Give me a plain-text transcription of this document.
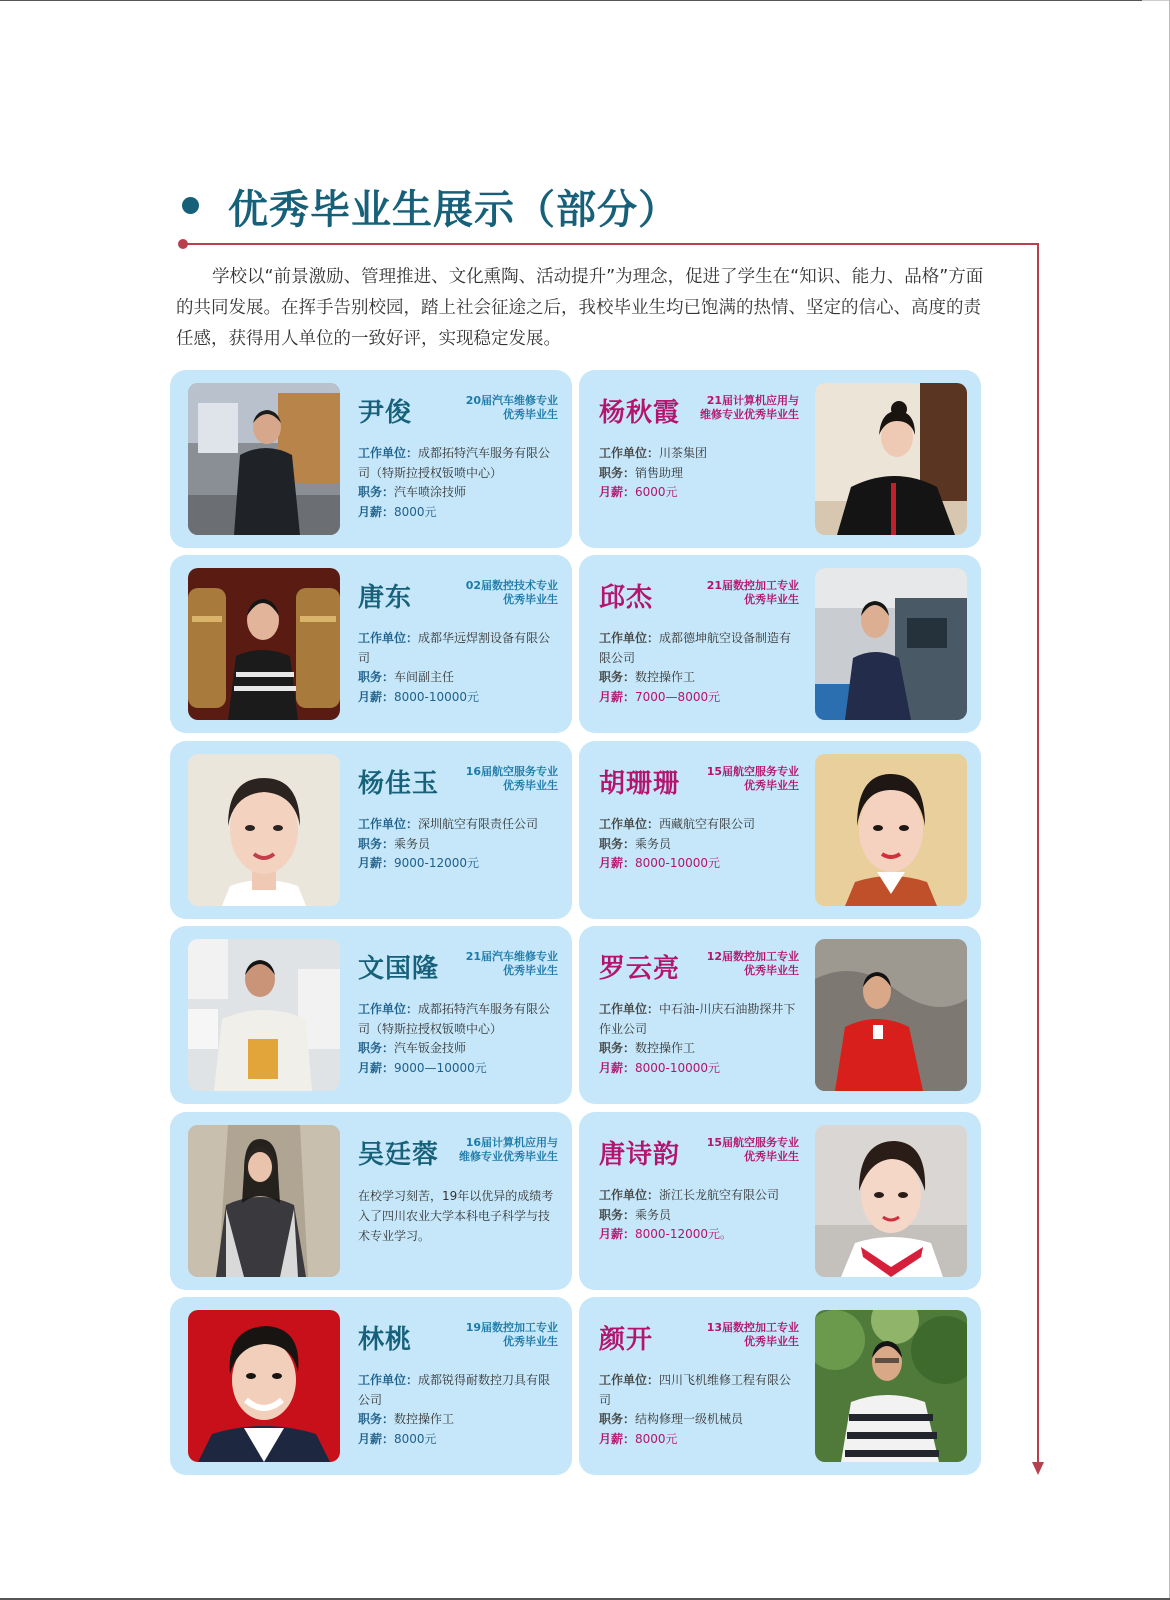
优秀毕业生展示（部分）

学校以“前景激励、管理推进、文化熏陶、活动提升”为理念，促进了学生在“知识、能力、品格”方面的共同发展。在挥手告别校园，踏上社会征途之后，我校毕业生均已饱满的热情、坚定的信心、高度的责任感，获得用人单位的一致好评，实现稳定发展。

尹俊	20届汽车维修专业
优秀毕业生

工作单位：成都拓特汽车服务有限公司（特斯拉授权钣喷中心）

职务：汽车喷涂技师

月薪：8000元

杨秋霞	21届计算机应用与
维修专业优秀毕业生

工作单位：川茶集团

职务：销售助理

月薪：6000元

唐东	02届数控技术专业
优秀毕业生

工作单位：成都华远焊割设备有限公司

职务：车间副主任

月薪：8000-10000元

邱杰	21届数控加工专业
优秀毕业生

工作单位：成都德坤航空设备制造有限公司

职务：数控操作工

月薪：7000—8000元

杨佳玉 16届航空服务专业
优秀毕业生

工作单位：深圳航空有限责任公司

职务：乘务员

月薪：9000-12000元

胡珊珊 15届航空服务专业
优秀毕业生

工作单位：西藏航空有限公司

职务：乘务员

月薪：8000-10000元

文国隆 21届汽车维修专业
优秀毕业生

工作单位：成都拓特汽车服务有限公司（特斯拉授权钣喷中心）

职务：汽车钣金技师

月薪：9000—10000元

罗云亮 12届数控加工专业
优秀毕业生

工作单位：中石油-川庆石油勘探井下作业公司

职务：数控操作工

月薪：8000-10000元

吴廷蓉	16届计算机应用与
维修专业优秀毕业生

在校学习刻苦，19年以优异的成绩考入了四川农业大学本科电子科学与技术专业学习。

唐诗韵 15届航空服务专业
优秀毕业生

工作单位：浙江长龙航空有限公司

职务：乘务员

月薪：8000-12000元。

林桃	19届数控加工专业
优秀毕业生

工作单位：成都锐得耐数控刀具有限公司

职务：数控操作工

月薪：8000元

颜开	13届数控加工专业
优秀毕业生

工作单位：四川飞机维修工程有限公司

职务：结构修理一级机械员

月薪：8000元
